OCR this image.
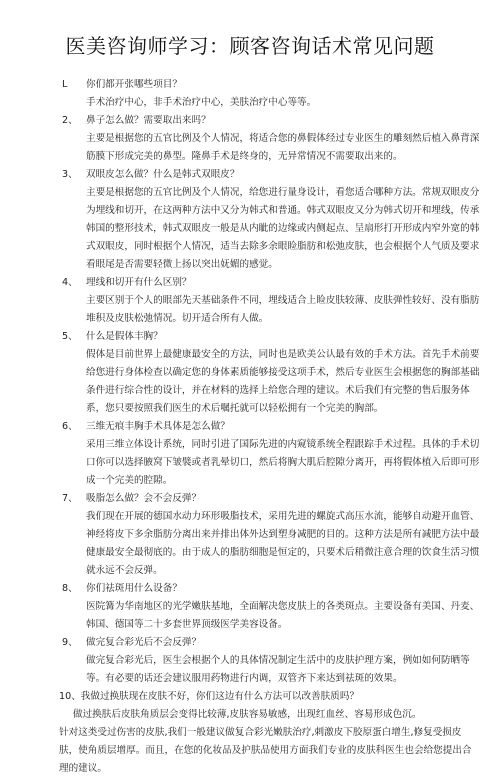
医美咨询师学习：顾客咨询话术常见问题
L	你们都开张哪些项目？
手术治疗中心，非手术治疗中心，美肤治疗中心等等。
2、 鼻子怎么做？需要取出来吗？
主要是根据您的五官比例及个人情况，将适合您的鼻假体经过专业医生的雕刻然后植入鼻背深筋膜下形成完美的鼻型。隆鼻手术是终身的，无异常情况不需要取出来的。
3、 双眼皮怎么做？什么是韩式双眼皮？
主要是根据您的五官比例及个人情况，给您进行量身设计，看您适合哪种方法。常规双眼皮分为埋线和切开，在这两种方法中又分为韩式和普通。韩式双眼皮又分为韩式切开和埋线，传承韩国的整形技术，韩式双眼皮一般是从内眦的边缘或内侧起点、呈扇形打开形成内窄外宽的韩式双眼皮，同时根据个人情况，适当去除多余眼睑脂肪和松弛皮肤，也会根据个人气质及要求看眼尾是否需要轻微上扬以突出妩媚的感觉。
4、 埋线和切开有什么区别？
主要区别于个人的眼部先天基础条件不同，埋线适合上睑皮肤较薄、皮肤弹性较好、没有脂肪堆积及皮肤松弛情况。切开适合所有人做。
5、 什么是假体丰胸？
假体是目前世界上最健康最安全的方法，同时也是欧美公认最有效的手术方法。首先手术前要给您进行身体检查以确定您的身体素质能够接受这项手术，然后专业医生会根据您的胸部基础条件进行综合性的设计，并在材料的选择上给您合理的建议。术后我们有完整的售后服务体系，您只要按照我们医生的术后嘱托就可以轻松拥有一个完美的胸部。
6、 三维无痕丰胸手术具体是怎么做？
采用三维立体设计系统，同时引进了国际先进的内窥镜系统全程跟踪手术过程。具体的手术切口你可以选择腋窝下皱襞或者乳晕切口，然后将胸大肌后腔隙分离开，再将假体植入后即可形成一个完美的腔隙。
7、 吸脂怎么做？会不会反弹？
我们现在开展的德国水动力环形吸脂技术，采用先进的螺旋式高压水流，能够自动避开血管、神经将皮下多余脂肪分离出来并排出体外达到塑身减肥的目的。这种方法是所有减肥方法中最健康最安全最彻底的。由于成人的脂肪细胞是恒定的，只要术后稍微注意合理的饮食生活习惯就永远不会反弹。
8、 你们祛斑用什么设备？
医院篝为华南地区的光学嫩肤基地，全面解决您皮肤上的各类斑点。主要设备有美国、丹麦、韩国、德国等二十多套世界顶级医学美容设备。
9、 做完复合彩光后不会反弹？
做完复合彩光后，医生会根据个人的具体情况制定生活中的皮肤护理方案，例如如何防晒等等。有必要的话还会建议服用药物进行内调，双管齐下来达到祛斑的效果。
10、我做过换肤现在皮肤不好，你们这边有什么方法可以改善肤质吗？
做过换肤后皮肤角质层会变得比较薄,皮肤容易敏感，出现红血丝、容易形成色沉。
针对这类受过伤害的皮肤,我们一般建议做复合彩光嫩肤治疗,刺激皮下胶原蛋白增生,修复受损皮肤，使角质层增厚。而且，在您的化妆品及护肤品使用方面我们专业的皮肤科医生也会给您提出合理的建议。
